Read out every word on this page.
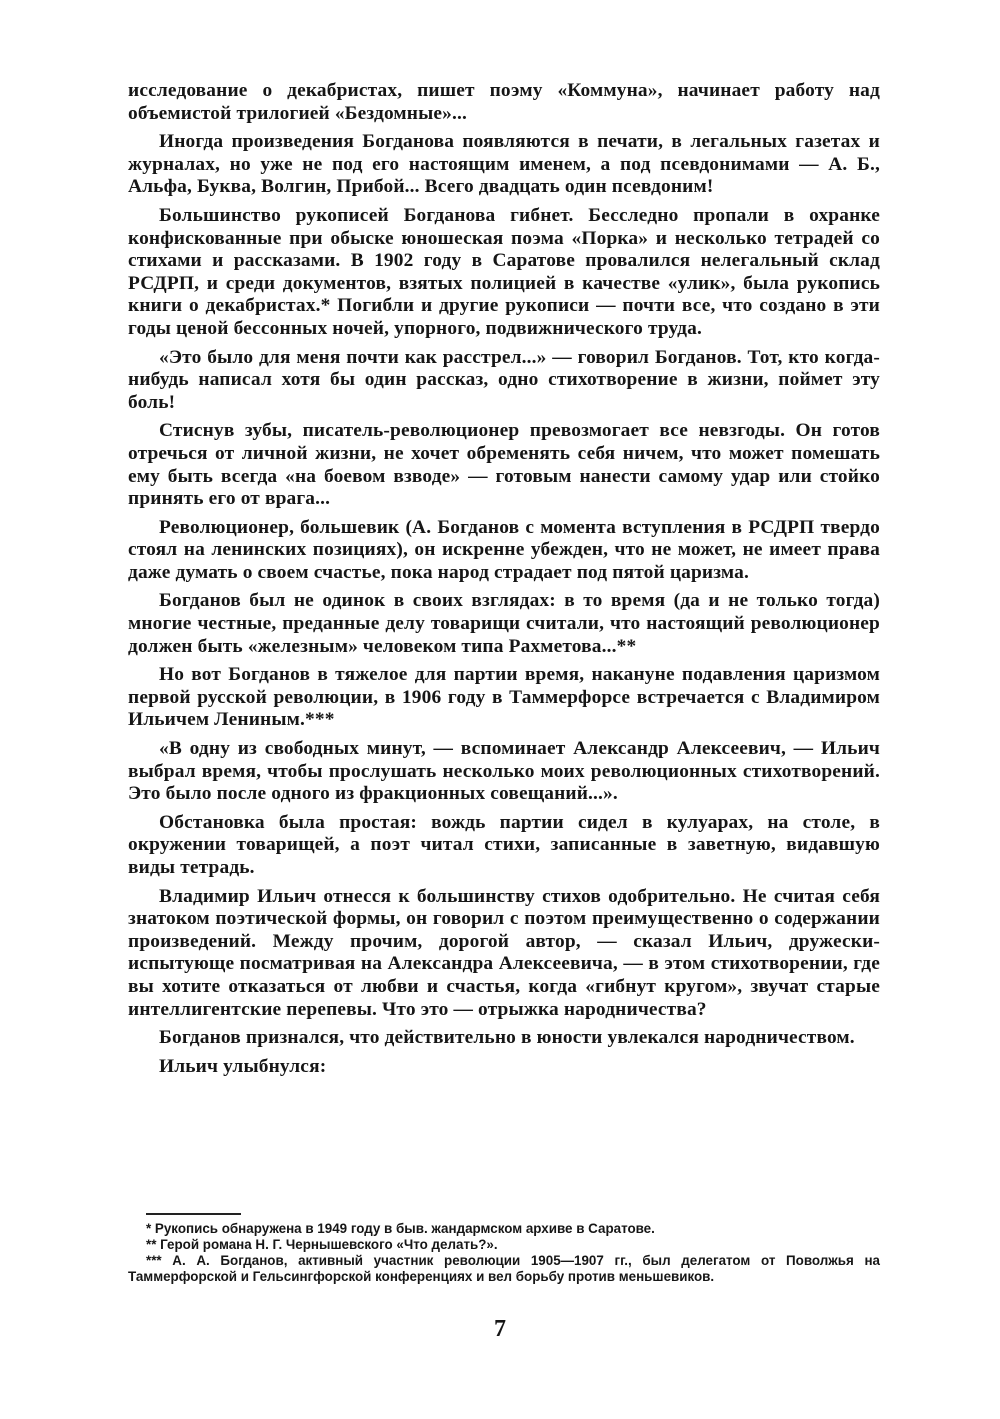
исследование о декабристах, пишет поэму «Коммуна», начинает работу над объемистой трилогией «Бездомные»...

Иногда произведения Богданова появляются в печати, в легальных газетах и журналах, но уже не под его настоящим именем, а под псевдонимами — А. Б., Альфа, Буква, Волгин, Прибой... Всего двадцать один псевдоним!

Большинство рукописей Богданова гибнет. Бесследно пропали в охранке конфискованные при обыске юношеская поэма «Порка» и несколько тетрадей со стихами и рассказами. В 1902 году в Саратове провалился нелегальный склад РСДРП, и среди документов, взятых полицией в качестве «улик», была рукопись книги о декабристах.* Погибли и другие рукописи — почти все, что создано в эти годы ценой бессонных ночей, упорного, подвижнического труда.

«Это было для меня почти как расстрел...» — говорил Богданов. Тот, кто когда-нибудь написал хотя бы один рассказ, одно стихотворение в жизни, поймет эту боль!

Стиснув зубы, писатель-революционер превозмогает все невзгоды. Он готов отречься от личной жизни, не хочет обременять себя ничем, что может помешать ему быть всегда «на боевом взводе» — готовым нанести самому удар или стойко принять его от врага...

Революционер, большевик (А. Богданов с момента вступления в РСДРП твердо стоял на ленинских позициях), он искренне убежден, что не может, не имеет права даже думать о своем счастье, пока народ страдает под пятой царизма.

Богданов был не одинок в своих взглядах: в то время (да и не только тогда) многие честные, преданные делу товарищи считали, что настоящий революционер должен быть «железным» человеком типа Рахметова...**

Но вот Богданов в тяжелое для партии время, накануне подавления царизмом первой русской революции, в 1906 году в Таммерфорсе встречается с Владимиром Ильичем Лениным.***

«В одну из свободных минут, — вспоминает Александр Алексеевич, — Ильич выбрал время, чтобы прослушать несколько моих революционных стихотворений. Это было после одного из фракционных совещаний...».

Обстановка была простая: вождь партии сидел в кулуарах, на столе, в окружении товарищей, а поэт читал стихи, записанные в заветную, видавшую виды тетрадь.

Владимир Ильич отнесся к большинству стихов одобрительно. Не считая себя знатоком поэтической формы, он говорил с поэтом преимущественно о содержании произведений. Между прочим, дорогой автор, — сказал Ильич, дружески-испытующе посматривая на Александра Алексеевича, — в этом стихотворении, где вы хотите отказаться от любви и счастья, когда «гибнут кругом», звучат старые интеллигентские перепевы. Что это — отрыжка народничества?

Богданов признался, что действительно в юности увлекался народничеством.

Ильич улыбнулся:

* Рукопись обнаружена в 1949 году в быв. жандармском архиве в Саратове.

** Герой романа Н. Г. Чернышевского «Что делать?».

*** А. А. Богданов, активный участник революции 1905—1907 гг., был делегатом от Поволжья на Таммерфорской и Гельсингфорской конференциях и вел борьбу против меньшевиков.

7
